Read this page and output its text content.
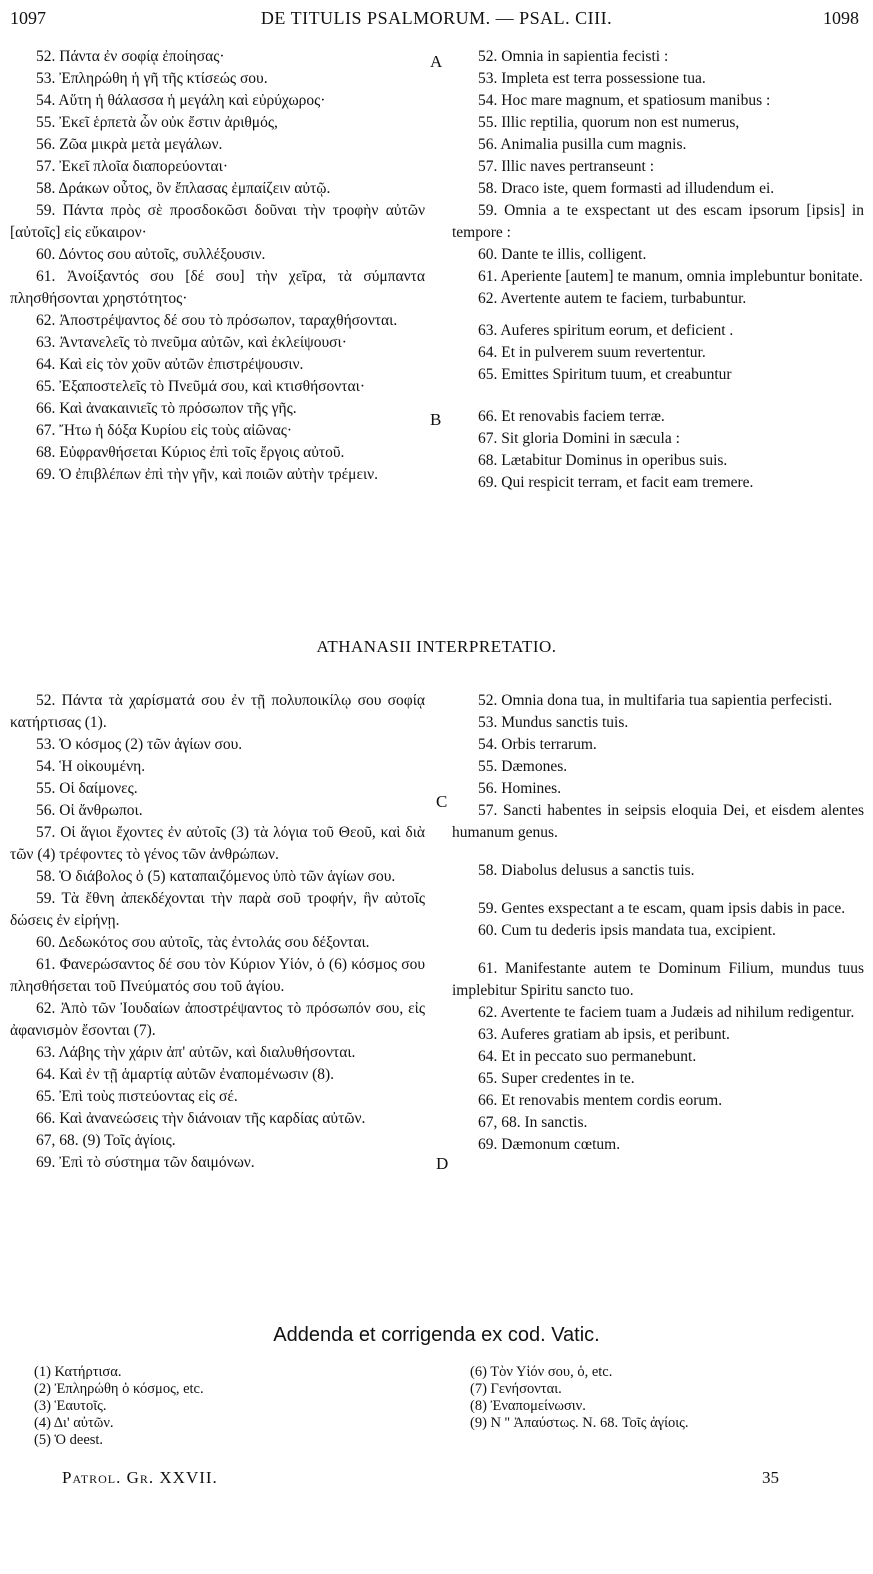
1097	DE TITULIS PSALMORUM. — PSAL. CIII.	1098

52. Πάντα ἐν σοφίᾳ ἐποίησας·

53. Ἐπληρώθη ἡ γῆ τῆς κτίσεώς σου.

54. Αὕτη ἡ θάλασσα ἡ μεγάλη καὶ εὐρύχωρος·

55. Ἐκεῖ ἑρπετὰ ὧν οὐκ ἔστιν ἀριθμός,

56. Ζῶα μικρὰ μετὰ μεγάλων.

57. Ἐκεῖ πλοῖα διαπορεύονται·

58. Δράκων οὗτος, ὃν ἔπλασας ἐμπαίζειν αὐτῷ.

59. Πάντα πρὸς σὲ προσδοκῶσι δοῦναι τὴν τροφὴν αὐτῶν [αὐτοῖς] εἰς εὔκαιρον·

60. Δόντος σου αὐτοῖς, συλλέξουσιν.

61. Ἀνοίξαντός σου [δέ σου] τὴν χεῖρα, τὰ σύμπαντα πλησθήσονται χρηστότητος·

62. Ἀποστρέψαντος δέ σου τὸ πρόσωπον, ταραχθήσονται.

63. Ἀντανελεῖς τὸ πνεῦμα αὐτῶν, καὶ ἐκλείψουσι·

64. Καὶ εἰς τὸν χοῦν αὐτῶν ἐπιστρέψουσιν.

65. Ἐξαποστελεῖς τὸ Πνεῦμά σου, καὶ κτισθήσονται·

66. Καὶ ἀνακαινιεῖς τὸ πρόσωπον τῆς γῆς.

67. Ἤτω ἡ δόξα Κυρίου εἰς τοὺς αἰῶνας·

68. Εὐφρανθήσεται Κύριος ἐπὶ τοῖς ἔργοις αὐτοῦ.

69. Ὁ ἐπιβλέπων ἐπὶ τὴν γῆν, καὶ ποιῶν αὐτὴν τρέμειν.

52. Omnia in sapientia fecisti :

53. Impleta est terra possessione tua.

54. Hoc mare magnum, et spatiosum manibus :

55. Illic reptilia, quorum non est numerus,

56. Animalia pusilla cum magnis.

57. Illic naves pertranseunt :

58. Draco iste, quem formasti ad illudendum ei.

59. Omnia a te exspectant ut des escam ipsorum [ipsis] in tempore :

60. Dante te illis, colligent.

61. Aperiente [autem] te manum, omnia implebuntur bonitate.

62. Avertente autem te faciem, turbabuntur.

63. Auferes spiritum eorum, et deficient .

64. Et in pulverem suum revertentur.

65. Emittes Spiritum tuum, et creabuntur

66. Et renovabis faciem terræ.

67. Sit gloria Domini in sæcula :

68. Lætabitur Dominus in operibus suis.

69. Qui respicit terram, et facit eam tremere.

A
B
ATHANASII INTERPRETATIO.

52. Πάντα τὰ χαρίσματά σου ἐν τῇ πολυποικίλῳ σου σοφίᾳ κατήρτισας (1).

53. Ὁ κόσμος (2) τῶν ἁγίων σου.

54. Ἡ οἰκουμένη.

55. Οἱ δαίμονες.

56. Οἱ ἄνθρωποι.

57. Οἱ ἅγιοι ἔχοντες ἐν αὐτοῖς (3) τὰ λόγια τοῦ Θεοῦ, καὶ διὰ τῶν (4) τρέφοντες τὸ γένος τῶν ἀνθρώπων.

58. Ὁ διάβολος ὁ (5) καταπαιζόμενος ὑπὸ τῶν ἁγίων σου.

59. Τὰ ἔθνη ἀπεκδέχονται τὴν παρὰ σοῦ τροφήν, ἣν αὐτοῖς δώσεις ἐν εἰρήνῃ.

60. Δεδωκότος σου αὐτοῖς, τὰς ἐντολάς σου δέξονται.

61. Φανερώσαντος δέ σου τὸν Κύριον Υἱόν, ὁ (6) κόσμος σου πλησθήσεται τοῦ Πνεύματός σου τοῦ ἁγίου.

62. Ἀπὸ τῶν Ἰουδαίων ἀποστρέψαντος τὸ πρόσωπόν σου, εἰς ἀφανισμὸν ἔσονται (7).

63. Λάβης τὴν χάριν ἀπ' αὐτῶν, καὶ διαλυθήσονται.

64. Καὶ ἐν τῇ ἁμαρτίᾳ αὐτῶν ἐναπομένωσιν (8).

65. Ἐπὶ τοὺς πιστεύοντας εἰς σέ.

66. Καὶ ἀνανεώσεις τὴν διάνοιαν τῆς καρδίας αὐτῶν.

67, 68. (9) Τοῖς ἁγίοις.

69. Ἐπὶ τὸ σύστημα τῶν δαιμόνων.

52. Omnia dona tua, in multifaria tua sapientia perfecisti.

53. Mundus sanctis tuis.

54. Orbis terrarum.

55. Dæmones.

56. Homines.

57. Sancti habentes in seipsis eloquia Dei, et eisdem alentes humanum genus.

58. Diabolus delusus a sanctis tuis.

59. Gentes exspectant a te escam, quam ipsis dabis in pace.

60. Cum tu dederis ipsis mandata tua, excipient.

61. Manifestante autem te Dominum Filium, mundus tuus implebitur Spiritu sancto tuo.

62. Avertente te faciem tuam a Judæis ad nihilum redigentur.

63. Auferes gratiam ab ipsis, et peribunt.

64. Et in peccato suo permanebunt.

65. Super credentes in te.

66. Et renovabis mentem cordis eorum.

67, 68. In sanctis.

69. Dæmonum cœtum.

C
D
Addenda et corrigenda ex cod. Vatic.
(1) Κατήρτισα.
(2) Ἐπληρώθη ὁ κόσμος, etc.
(3) Ἑαυτοῖς.
(4) Δι' αὐτῶν.
(5) Ὁ deest.
(6) Τὸν Υἱόν σου, ὁ, etc.
(7) Γενήσονται.
(8) Ἐναπομείνωσιν.
(9) N '' Ἀπαύστως. N. 68. Τοῖς ἁγίοις.
Patrol. Gr. XXVII.	35
